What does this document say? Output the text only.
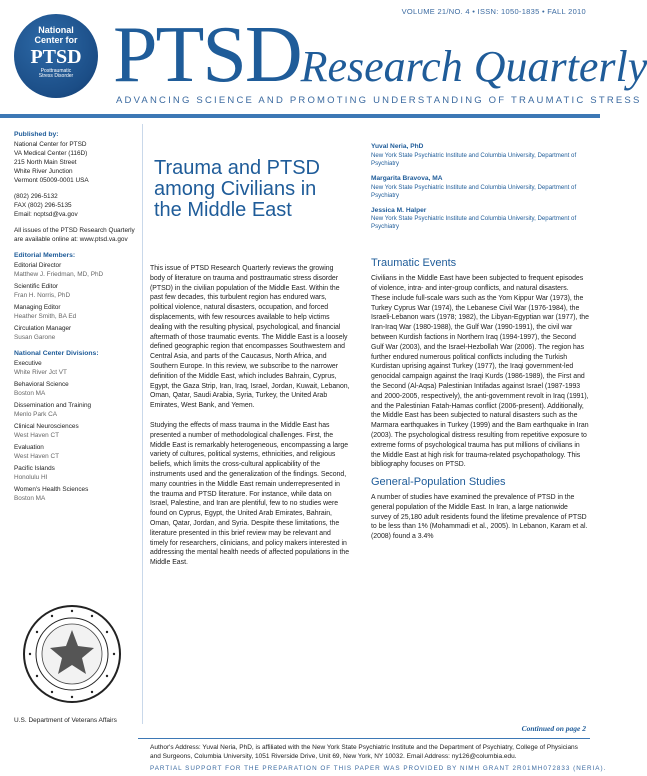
National
Center for
PTSD
Posttraumatic
Stress Disorder
VOLUME 21/NO. 4 • ISSN: 1050-1835 • FALL 2010
PTSDResearch Quarterly
ADVANCING SCIENCE AND PROMOTING UNDERSTANDING OF TRAUMATIC STRESS
Published by:
National Center for PTSD
VA Medical Center (116D)
215 North Main Street
White River Junction
Vermont 05009-0001 USA
(802) 296-5132
FAX (802) 296-5135
Email: ncptsd@va.gov
All issues of the PTSD Research Quarterly are available online at: www.ptsd.va.gov
Editorial Members:
Editorial Director
Matthew J. Friedman, MD, PhD
Scientific Editor
Fran H. Norris, PhD
Managing Editor
Heather Smith, BA Ed
Circulation Manager
Susan Garone
National Center Divisions:
Executive
White River Jct VT
Behavioral Science
Boston MA
Dissemination and Training
Menlo Park CA
Clinical Neurosciences
West Haven CT
Evaluation
West Haven CT
Pacific Islands
Honolulu HI
Women's Health Sciences
Boston MA
U.S. Department of Veterans Affairs
Trauma and PTSD among Civilians in the Middle East

This issue of PTSD Research Quarterly reviews the growing body of literature on trauma and posttraumatic stress disorder (PTSD) in the civilian population of the Middle East. Within the past few decades, this turbulent region has endured wars, political violence, natural disasters, occupation, and forced displacements, with few resources available to help victims dealing with the resulting physical, psychological, and financial aftermath of those traumatic events. The Middle East is a loosely defined geographic region that encompasses Southwestern and Central Asia, and parts of the Caucasus, North Africa, and Southern Europe. In this review, we subscribe to the narrower definition of the Middle East, which includes Bahrain, Cyprus, Egypt, the Gaza Strip, Iran, Iraq, Israel, Jordan, Kuwait, Lebanon, Oman, Qatar, Saudi Arabia, Syria, Turkey, the United Arab Emirates, West Bank, and Yemen.

Studying the effects of mass trauma in the Middle East has presented a number of methodological challenges. First, the Middle East is remarkably heterogeneous, encompassing a large variety of cultures, political systems, ethnicities, and religious beliefs, which limits the cross-cultural applicability of the instruments used and the generalization of the findings. Second, many countries in the Middle East remain underrepresented in the trauma and PTSD literature. For instance, while data on Israel, Palestine, and Iran are plentiful, few to no studies were found on Cyprus, Egypt, the United Arab Emirates, Bahrain, Oman, Qatar, Jordan, and Syria. Despite these limitations, the literature presented in this brief review may be relevant and timely for researchers, clinicians, and policy makers interested in addressing the mental health needs of affected populations in the Middle East.

Yuval Neria, PhD
New York State Psychiatric Institute and Columbia University, Department of Psychiatry
Margarita Bravova, MA
New York State Psychiatric Institute and Columbia University, Department of Psychiatry
Jessica M. Halper
New York State Psychiatric Institute and Columbia University, Department of Psychiatry
Traumatic Events
Civilians in the Middle East have been subjected to frequent episodes of violence, intra- and inter-group conflicts, and natural disasters. These include full-scale wars such as the Yom Kippur War (1973), the Turkey Cyprus War (1974), the Lebanese Civil War (1976-1984), the Israeli-Lebanon wars (1978; 1982), the Libyan-Egyptian war (1977), the Iran-Iraq War (1980-1988), the Gulf War (1990-1991), the civil war between Kurdish factions in Northern Iraq (1994-1997), the Second Gulf War (2003), and the Israel-Hezbollah War (2006). The region has further endured numerous political conflicts including the Turkish Kurdistan uprising against Turkey (1977), the Iraqi government-led genocidal campaign against the Iraqi Kurds (1986-1989), the First and the Second (Al-Aqsa) Palestinian Intifadas against Israel (1987-1993 and 2000-2005, respectively), the anti-government revolt in Iraq (1991), and the Palestinian Fatah-Hamas conflict (2006-present). Additionally, the Middle East has been subjected to natural disasters such as the Marmara earthquakes in Turkey (1999) and the Bam earthquake in Iran (2003). The psychological distress resulting from repetitive exposure to extreme forms of psychological trauma has put millions of civilians in the Middle East at high risk for trauma-related psychopathology. This bibliography focuses on PTSD.
General-Population Studies
A number of studies have examined the prevalence of PTSD in the general population of the Middle East. In Iran, a large nationwide survey of 25,180 adult residents found the lifetime prevalence of PTSD to be less than 1% (Mohammadi et al., 2005). In Lebanon, Karam et al. (2008) found a 3.4%
Continued on page 2
Author's Address: Yuval Neria, PhD, is affiliated with the New York State Psychiatric Institute and the Department of Psychiatry, College of Physicians and Surgeons, Columbia University, 1051 Riverside Drive, Unit 69, New York, NY 10032. Email Address: ny126@columbia.edu.
PARTIAL SUPPORT FOR THE PREPARATION OF THIS PAPER WAS PROVIDED BY NIMH GRANT 2R01MH072833 (NERIA).
